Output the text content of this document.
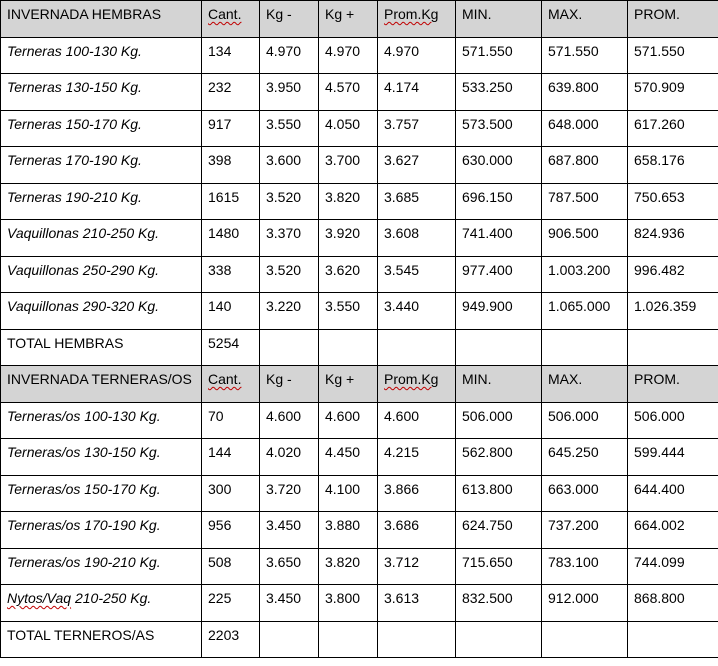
INVERNADA HEMBRAS	Cant.	Kg -	Kg +	Prom.Kg	MIN.	MAX.	PROM.
Terneras 100-130 Kg.	134	4.970	4.970	4.970	571.550	571.550	571.550
Terneras 130-150 Kg.	232	3.950	4.570	4.174	533.250	639.800	570.909
Terneras 150-170 Kg.	917	3.550	4.050	3.757	573.500	648.000	617.260
Terneras 170-190 Kg.	398	3.600	3.700	3.627	630.000	687.800	658.176
Terneras 190-210 Kg.	1615	3.520	3.820	3.685	696.150	787.500	750.653
Vaquillonas 210-250 Kg.	1480	3.370	3.920	3.608	741.400	906.500	824.936
Vaquillonas 250-290 Kg.	338	3.520	3.620	3.545	977.400	1.003.200	996.482
Vaquillonas 290-320 Kg.	140	3.220	3.550	3.440	949.900	1.065.000	1.026.359
TOTAL HEMBRAS	5254						
INVERNADA TERNERAS/OS	Cant.	Kg -	Kg +	Prom.Kg	MIN.	MAX.	PROM.
Terneras/os 100-130 Kg.	70	4.600	4.600	4.600	506.000	506.000	506.000
Terneras/os 130-150 Kg.	144	4.020	4.450	4.215	562.800	645.250	599.444
Terneras/os 150-170 Kg.	300	3.720	4.100	3.866	613.800	663.000	644.400
Terneras/os 170-190 Kg.	956	3.450	3.880	3.686	624.750	737.200	664.002
Terneras/os 190-210 Kg.	508	3.650	3.820	3.712	715.650	783.100	744.099
Nytos/Vaq 210-250 Kg.	225	3.450	3.800	3.613	832.500	912.000	868.800
TOTAL TERNEROS/AS	2203						
